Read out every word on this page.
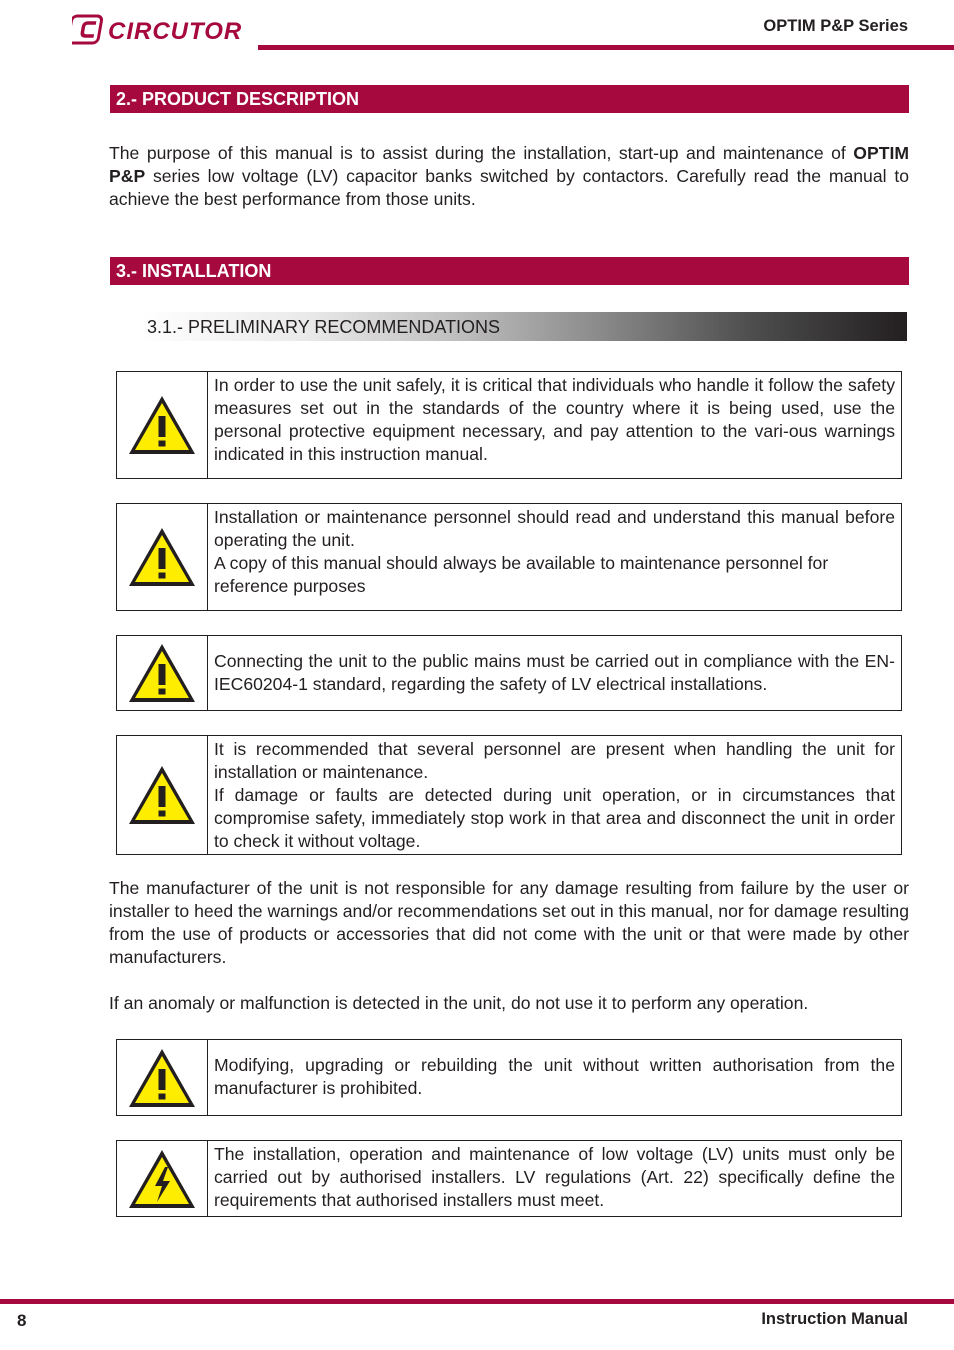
CIRCUTOR	OPTIM P&P Series
2.- PRODUCT DESCRIPTION

The purpose of this manual is to assist during the installation, start-up and maintenance of OPTIM P&P series low voltage (LV) capacitor banks switched by contactors. Carefully read the manual to achieve the best performance from those units.

3.- INSTALLATION
3.1.- PRELIMINARY RECOMMENDATIONS

In order to use the unit safely, it is critical that individuals who handle it follow the safety measures set out in the standards of the country where it is being used, use the personal protective equipment necessary, and pay attention to the vari-ous warnings indicated in this instruction manual.

Installation or maintenance personnel should read and understand this manual before operating the unit.

A copy of this manual should always be available to maintenance personnel for reference purposes

Connecting the unit to the public mains must be carried out in compliance with the EN-IEC60204-1 standard, regarding the safety of LV electrical installations.

It is recommended that several personnel are present when handling the unit for installation or maintenance.

If damage or faults are detected during unit operation, or in circumstances that compromise safety, immediately stop work in that area and disconnect the unit in order to check it without voltage.

The manufacturer of the unit is not responsible for any damage resulting from failure by the user or installer to heed the warnings and/or recommendations set out in this manual, nor for damage resulting from the use of products or accessories that did not come with the unit or that were made by other manufacturers.

If an anomaly or malfunction is detected in the unit, do not use it to perform any operation.

Modifying, upgrading or rebuilding the unit without written authorisation from the manufacturer is prohibited.

The installation, operation and maintenance of low voltage (LV) units must only be carried out by authorised installers. LV regulations (Art. 22) specifically define the requirements that authorised installers must meet.

8	Instruction Manual
